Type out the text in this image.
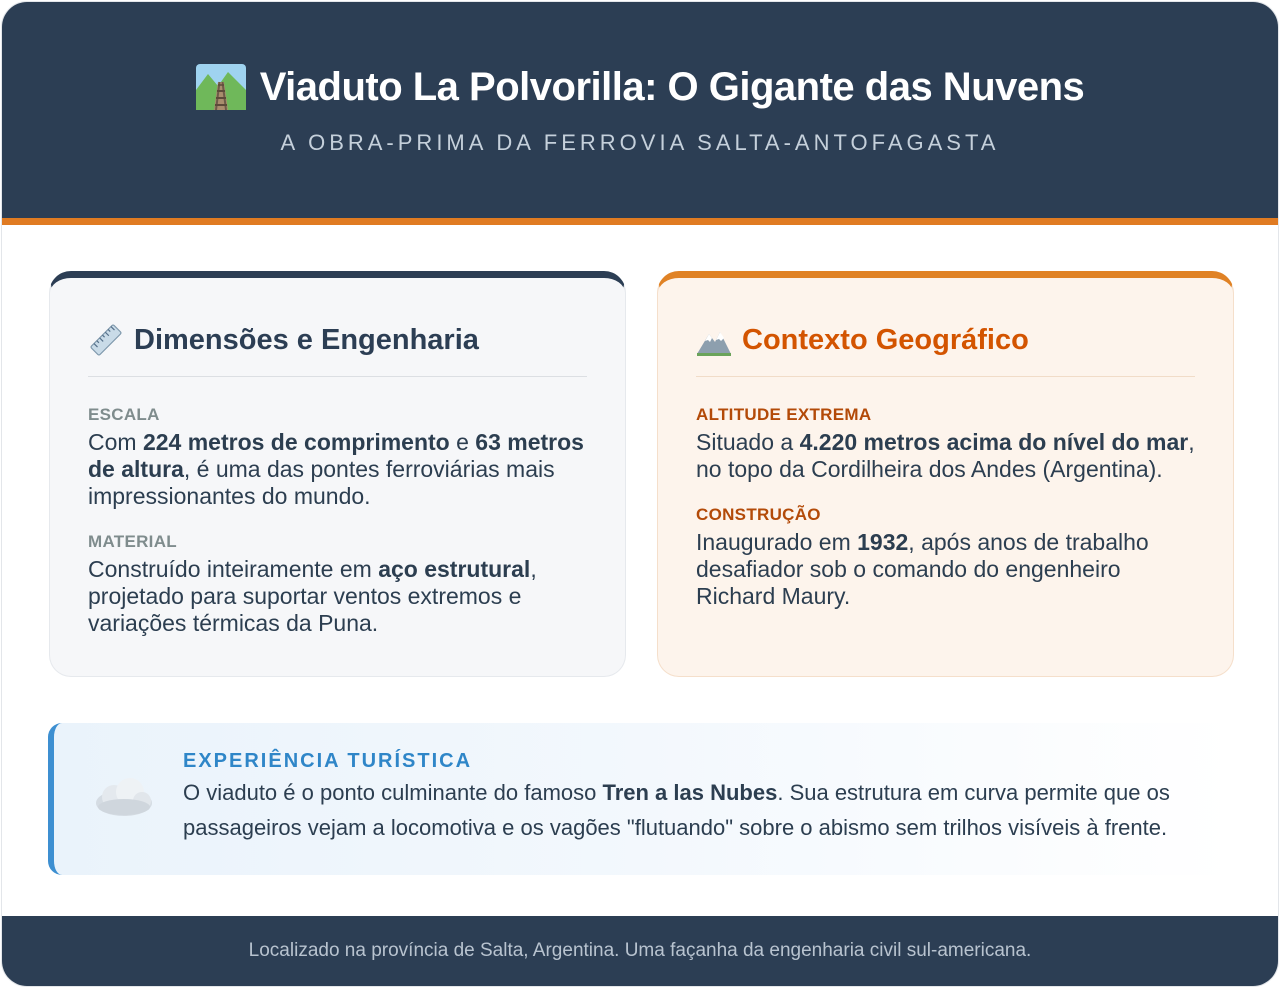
Viaduto La Polvorilla: O Gigante das Nuvens
A OBRA-PRIMA DA FERROVIA SALTA-ANTOFAGASTA
Dimensões e Engenharia
ESCALA
Com 224 metros de comprimento e 63 metros de altura, é uma das pontes ferroviárias mais impressionantes do mundo.
MATERIAL
Construído inteiramente em aço estrutural, projetado para suportar ventos extremos e variações térmicas da Puna.
Contexto Geográfico
ALTITUDE EXTREMA
Situado a 4.220 metros acima do nível do mar, no topo da Cordilheira dos Andes (Argentina).
CONSTRUÇÃO
Inaugurado em 1932, após anos de trabalho desafiador sob o comando do engenheiro Richard Maury.
EXPERIÊNCIA TURÍSTICA
O viaduto é o ponto culminante do famoso Tren a las Nubes. Sua estrutura em curva permite que os passageiros vejam a locomotiva e os vagões "flutuando" sobre o abismo sem trilhos visíveis à frente.
Localizado na província de Salta, Argentina. Uma façanha da engenharia civil sul-americana.
